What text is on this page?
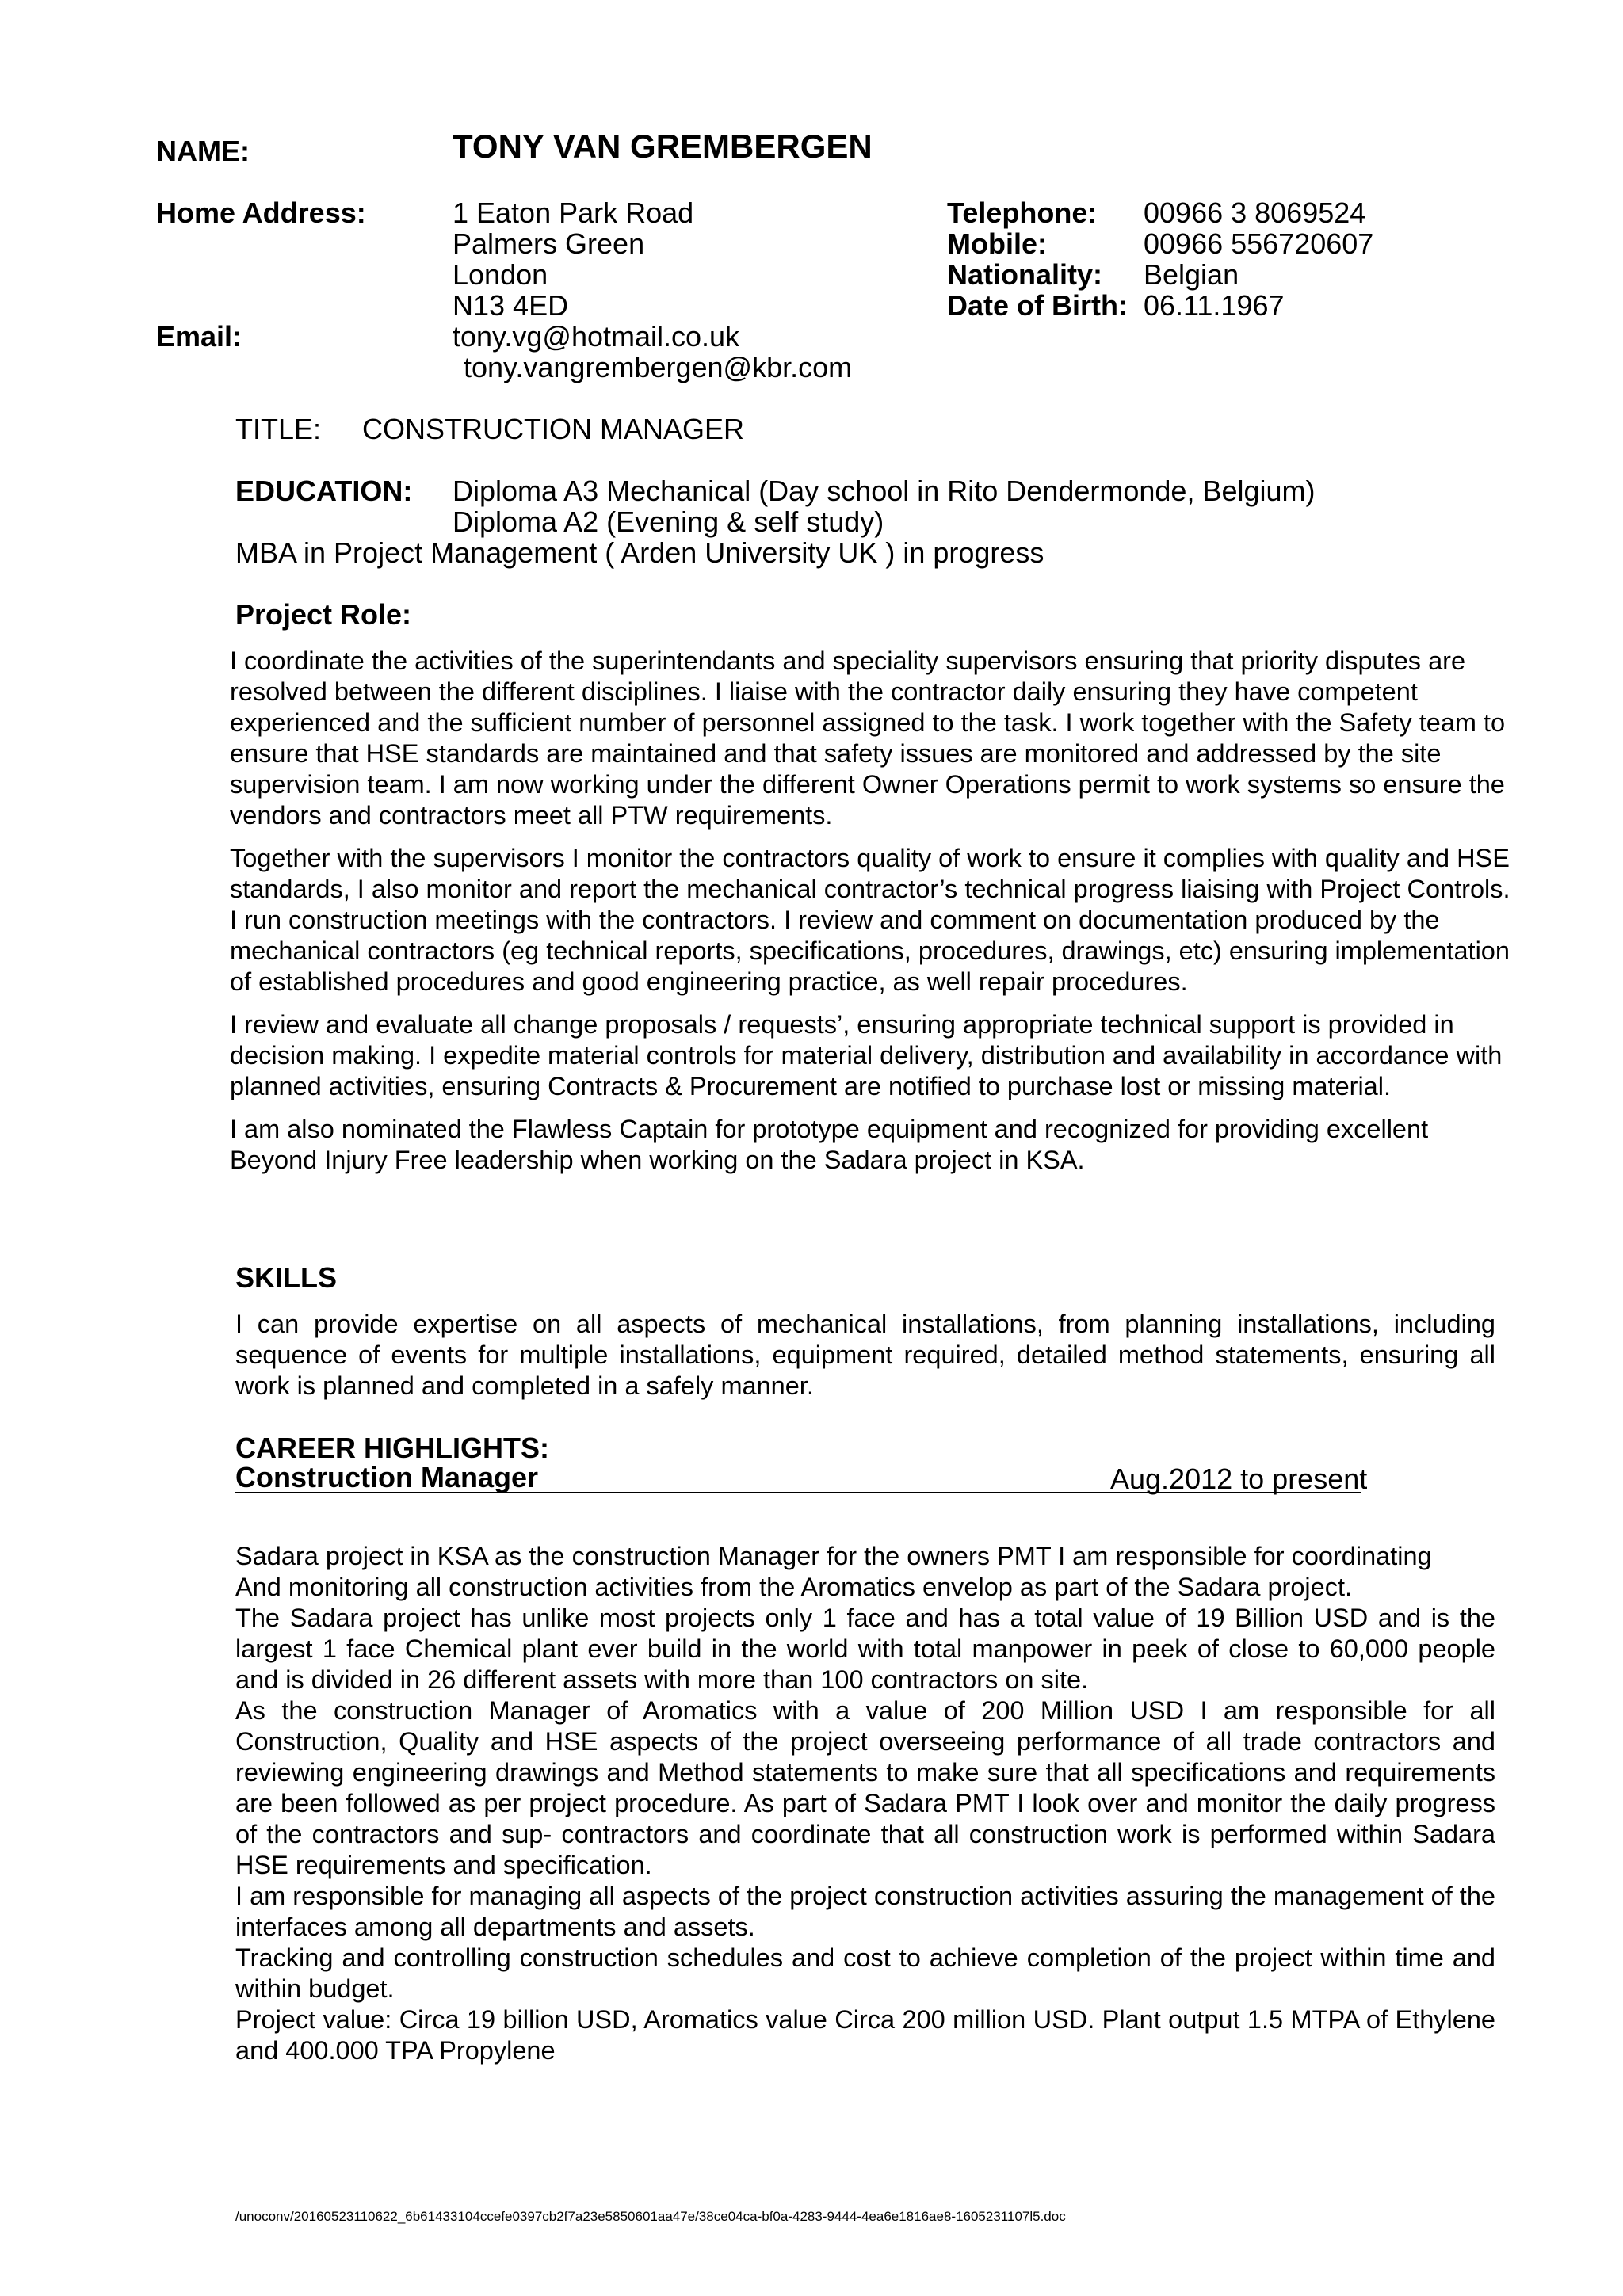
NAME:	TONY VAN GREMBERGEN
Home Address:	1 Eaton Park Road
Palmers Green
London
N13 4ED
Email:	tony.vg@hotmail.co.uk
tony.vangrembergen@kbr.com
Telephone: 00966 3 8069524
Mobile:	00966 556720607
Nationality: Belgian
Date of Birth: 06.11.1967
TITLE: CONSTRUCTION MANAGER
EDUCATION: Diploma A3 Mechanical (Day school in Rito Dendermonde, Belgium)
Diploma A2 (Evening & self study)
MBA in Project Management ( Arden University UK ) in progress
Project Role:

I coordinate the activities of the superintendants and speciality supervisors ensuring that priority disputes are resolved between the different disciplines. I liaise with the contractor daily ensuring they have competent experienced and the sufficient number of personnel assigned to the task. I work together with the Safety team to ensure that HSE standards are maintained and that safety issues are monitored and addressed by the site supervision team. I am now working under the different Owner Operations permit to work systems so ensure the vendors and contractors meet all PTW requirements.

Together with the supervisors I monitor the contractors quality of work to ensure it complies with quality and HSE standards, I also monitor and report the mechanical contractor’s technical progress liaising with Project Controls. I run construction meetings with the contractors. I review and comment on documentation produced by the mechanical contractors (eg technical reports, specifications, procedures, drawings, etc) ensuring implementation of established procedures and good engineering practice, as well repair procedures.

I review and evaluate all change proposals / requests’, ensuring appropriate technical support is provided in decision making. I expedite material controls for material delivery, distribution and availability in accordance with planned activities, ensuring Contracts & Procurement are notified to purchase lost or missing material.

I am also nominated the Flawless Captain for prototype equipment and recognized for providing excellent Beyond Injury Free leadership when working on the Sadara project in KSA.

SKILLS
I can provide expertise on all aspects of mechanical installations, from planning installations, including sequence of events for multiple installations, equipment required, detailed method statements, ensuring all work is planned and completed in a safely manner.
CAREER HIGHLIGHTS:
Construction Manager	Aug.2012 to present

Sadara project in KSA as the construction Manager for the owners PMT I am responsible for coordinating

And monitoring all construction activities from the Aromatics envelop as part of the Sadara project.

The Sadara project has unlike most projects only 1 face and has a total value of 19 Billion USD and is the largest 1 face Chemical plant ever build in the world with total manpower in peek of close to 60,000 people and is divided in 26 different assets with more than 100 contractors on site.

As the construction Manager of Aromatics with a value of 200 Million USD I am responsible for all Construction, Quality and HSE aspects of the project overseeing performance of all trade contractors and reviewing engineering drawings and Method statements to make sure that all specifications and requirements are been followed as per project procedure. As part of Sadara PMT I look over and monitor the daily progress of the contractors and sup- contractors and coordinate that all construction work is performed within Sadara HSE requirements and specification.

I am responsible for managing all aspects of the project construction activities assuring the management of the interfaces among all departments and assets.

Tracking and controlling construction schedules and cost to achieve completion of the project within time and within budget.

Project value: Circa 19 billion USD, Aromatics value Circa 200 million USD. Plant output 1.5 MTPA of Ethylene and 400.000 TPA Propylene

/unoconv/20160523110622_6b61433104ccefe0397cb2f7a23e5850601aa47e/38ce04ca-bf0a-4283-9444-4ea6e1816ae8-1605231107l5.doc
